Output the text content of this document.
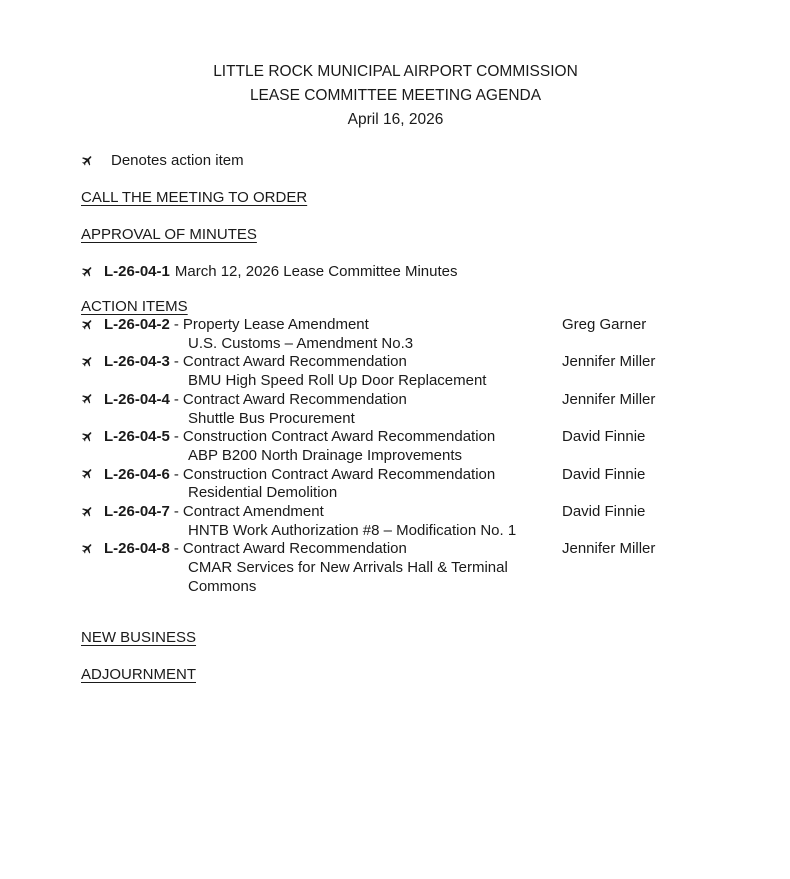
LITTLE ROCK MUNICIPAL AIRPORT COMMISSION
LEASE COMMITTEE MEETING AGENDA
April 16, 2026
Denotes action item
CALL THE MEETING TO ORDER
APPROVAL OF MINUTES
L-26-04-1 March 12, 2026 Lease Committee Minutes
ACTION ITEMS
L-26-04-2 - Property Lease Amendment
U.S. Customs – Amendment No.3
Greg Garner
L-26-04-3 - Contract Award Recommendation
BMU High Speed Roll Up Door Replacement
Jennifer Miller
L-26-04-4 - Contract Award Recommendation
Shuttle Bus Procurement
Jennifer Miller
L-26-04-5 - Construction Contract Award Recommendation
ABP B200 North Drainage Improvements
David Finnie
L-26-04-6 - Construction Contract Award Recommendation
Residential Demolition
David Finnie
L-26-04-7 - Contract Amendment
HNTB Work Authorization #8 – Modification No. 1
David Finnie
L-26-04-8 - Contract Award Recommendation
CMAR Services for New Arrivals Hall & Terminal
Commons
Jennifer Miller
NEW BUSINESS
ADJOURNMENT
